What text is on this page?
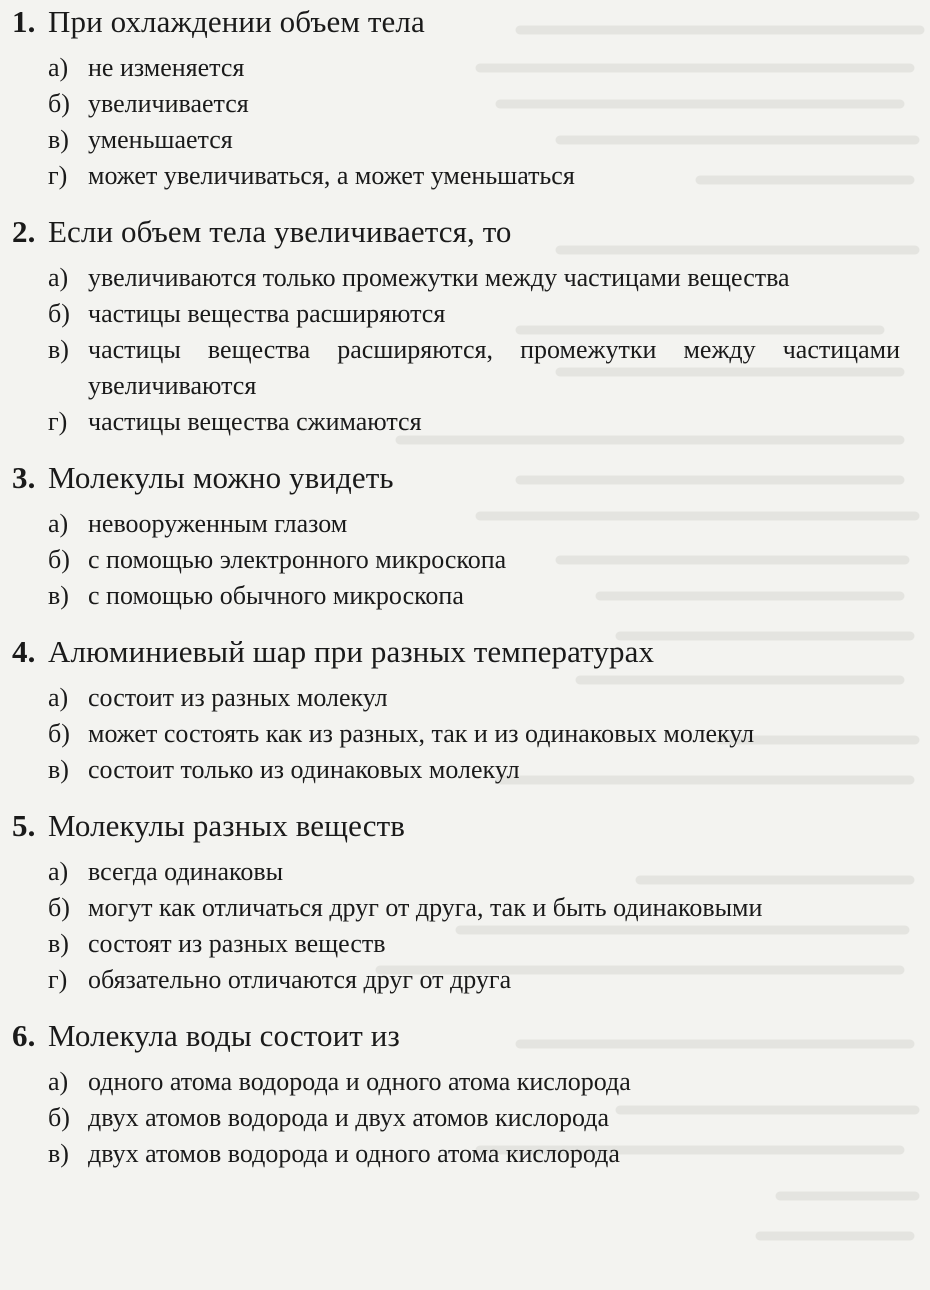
1. При охлаждении объем тела
а) не изменяется
б) увеличивается
в) уменьшается
г) может увеличиваться, а может уменьшаться
2. Если объем тела увеличивается, то
а) увеличиваются только промежутки между частицами вещества
б) частицы вещества расширяются
в) частицы вещества расширяются, промежутки между частицами увеличиваются
г) частицы вещества сжимаются
3. Молекулы можно увидеть
а) невооруженным глазом
б) с помощью электронного микроскопа
в) с помощью обычного микроскопа
4. Алюминиевый шар при разных температурах
а) состоит из разных молекул
б) может состоять как из разных, так и из одинаковых молекул
в) состоит только из одинаковых молекул
5. Молекулы разных веществ
а) всегда одинаковы
б) могут как отличаться друг от друга, так и быть одинаковыми
в) состоят из разных веществ
г) обязательно отличаются друг от друга
6. Молекула воды состоит из
а) одного атома водорода и одного атома кислорода
б) двух атомов водорода и двух атомов кислорода
в) двух атомов водорода и одного атома кислорода
